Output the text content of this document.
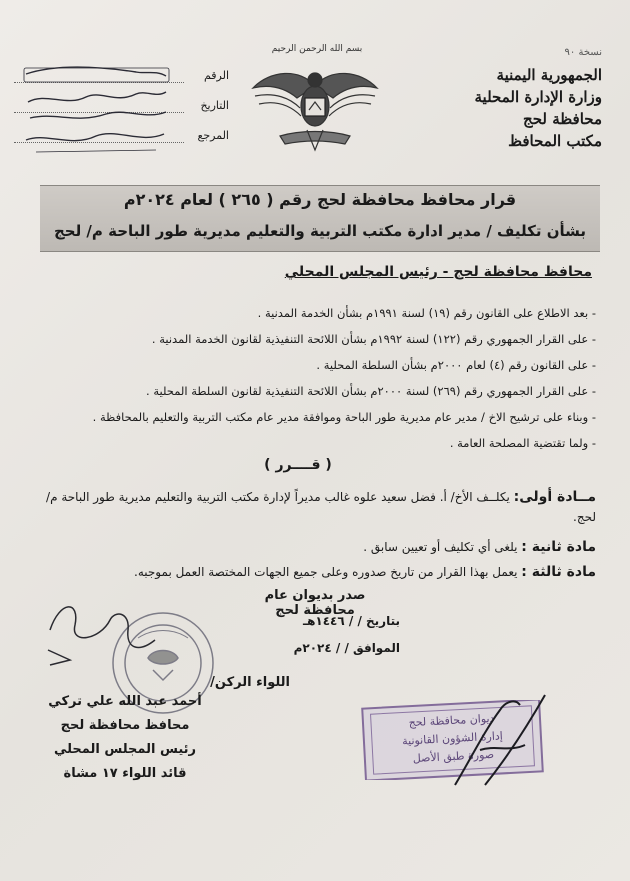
نسخة ٩٠
الجمهورية اليمنية
وزارة الإدارة المحلية
محافظة لحج
مكتب المحافظ
بسم الله الرحمن الرحيم
الرقم
التاريخ
المرجع
قرار محافظ محافظة لحج رقم ( ٢٦٥ ) لعام ٢٠٢٤م
بشأن تكليف / مدير ادارة مكتب التربية والتعليم مديرية طور الباحة م/ لحج
محافظ محافظة لحج - رئيس المجلس المحلي
- بعد الاطلاع على القانون رقم (١٩) لسنة ١٩٩١م بشأن الخدمة المدنية .
- على القرار الجمهوري رقم (١٢٢) لسنة ١٩٩٢م بشأن اللائحة التنفيذية لقانون الخدمة المدنية .
- على القانون رقم (٤) لعام ٢٠٠٠م بشأن السلطة المحلية .
- على القرار الجمهوري رقم (٢٦٩) لسنة ٢٠٠٠م بشأن اللائحة التنفيذية لقانون السلطة المحلية .
- وبناء على ترشيح الاخ / مدير عام مديرية طور الباحة وموافقة مدير عام مكتب التربية والتعليم بالمحافظة .
- ولما تقتضية المصلحة العامة .
( قــــرر )
مــادة أولى: يكلــف الأخ/ أ. فضل سعيد علوه غالب مديراً لإدارة مكتب التربية والتعليم مديرية طور الباحة م/ لحج.
مادة ثانية : يلغى أي تكليف أو تعيين سابق .
مادة ثالثة : يعمل بهذا القرار من تاريخ صدوره وعلى جميع الجهات المختصة العمل بموجبه.
صدر بديوان عام محافظة لحج
بتاريخ / / ١٤٤٦هـ
الموافق / / ٢٠٢٤م
اللواء الركن/
أحمد عبد الله علي تركي
محافظ محافظة لحج
رئيس المجلس المحلي
قائد اللواء ١٧ مشاة
ديوان محافظة لحج
إدارة الشؤون القانونية
صورة طبق الأصل
